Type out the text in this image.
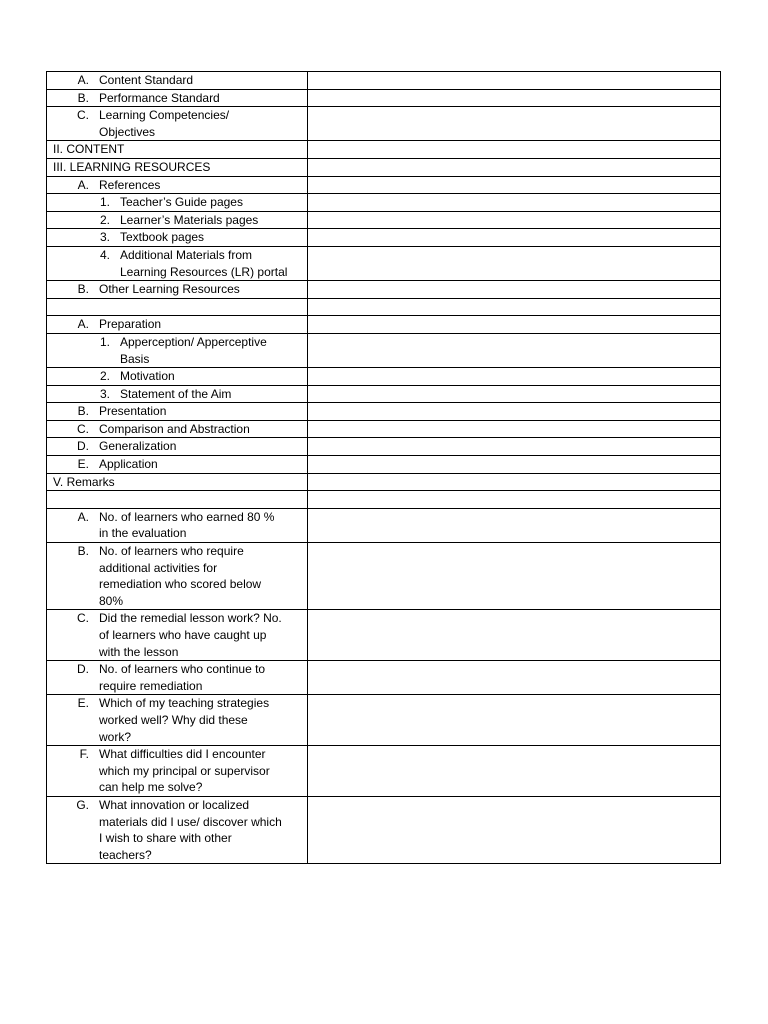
A. Content Standard	

B. Performance Standard	

C. Learning Competencies/
Objectives	

II. CONTENT	

III. LEARNING RESOURCES	

A. References	

1. Teacher’s Guide pages	

2. Learner’s Materials pages	

3. Textbook pages	

4. Additional Materials from
Learning Resources (LR) portal	

B. Other Learning Resources	

A. Preparation	

1. Apperception/ Apperceptive
Basis	

2. Motivation	

3. Statement of the Aim	

B. Presentation	

C. Comparison and Abstraction	

D. Generalization	

E. Application	

V. Remarks	

A. No. of learners who earned 80 %
in the evaluation	

B. No. of learners who require
additional activities for
remediation who scored below
80%	

C. Did the remedial lesson work? No.
of learners who have caught up
with the lesson	

D. No. of learners who continue to
require remediation	

E. Which of my teaching strategies
worked well? Why did these
work?	

F. What difficulties did I encounter
which my principal or supervisor
can help me solve?	

G. What innovation or localized
materials did I use/ discover which
I wish to share with other
teachers?	
